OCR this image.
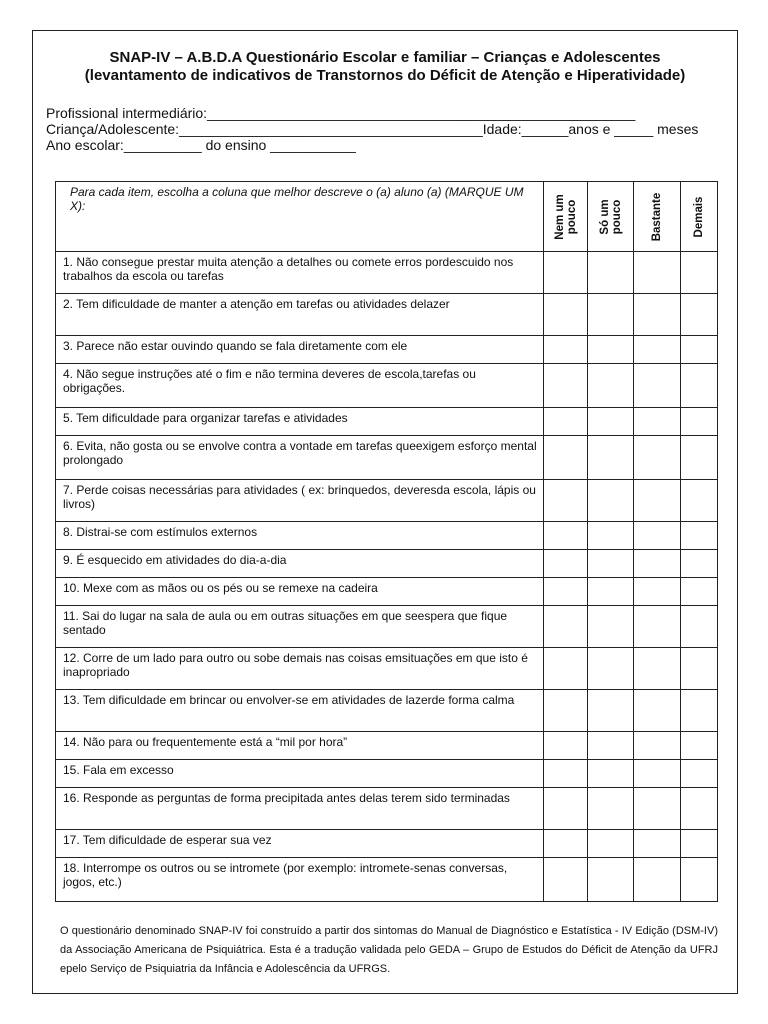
SNAP-IV – A.B.D.A Questionário Escolar e familiar – Crianças e Adolescentes
(levantamento de indicativos de Transtornos do Déficit de Atenção e Hiperatividade)
Profissional intermediário:_______________________________________________________
Criança/Adolescente:_______________________________________Idade:______anos e _____ meses
Ano escolar:__________ do ensino ___________
Para cada item, escolha a coluna que melhor descreve o (a) aluno (a) (MARQUE UM X):	Nem um
pouco	Só um
pouco	Bastante	Demais

1. Não consegue prestar muita atenção a detalhes ou comete erros pordescuido nos trabalhos da escola ou tarefas				
2. Tem dificuldade de manter a atenção em tarefas ou atividades delazer				
3. Parece não estar ouvindo quando se fala diretamente com ele				
4. Não segue instruções até o fim e não termina deveres de escola,tarefas ou obrigações.				
5. Tem dificuldade para organizar tarefas e atividades				
6. Evita, não gosta ou se envolve contra a vontade em tarefas queexigem esforço mental prolongado				
7. Perde coisas necessárias para atividades ( ex: brinquedos, deveresda escola, lápis ou livros)				
8. Distrai-se com estímulos externos				
9. É esquecido em atividades do dia-a-dia				
10. Mexe com as mãos ou os pés ou se remexe na cadeira				
11. Sai do lugar na sala de aula ou em outras situações em que seespera que fique sentado				
12. Corre de um lado para outro ou sobe demais nas coisas emsituações em que isto é inapropriado				
13. Tem dificuldade em brincar ou envolver-se em atividades de lazerde forma calma				
14. Não para ou frequentemente está a “mil por hora”				
15. Fala em excesso				
16. Responde as perguntas de forma precipitada antes delas terem sido terminadas				
17. Tem dificuldade de esperar sua vez				
18. Interrompe os outros ou se intromete (por exemplo: intromete-senas conversas, jogos, etc.)				
O questionário denominado SNAP-IV foi construído a partir dos sintomas do Manual de Diagnóstico e Estatística - IV Edição (DSM-IV) da Associação Americana de Psiquiátrica. Esta é a tradução validada pelo GEDA – Grupo de Estudos do Déficit de Atenção da UFRJ epelo Serviço de Psiquiatria da Infância e Adolescência da UFRGS.
